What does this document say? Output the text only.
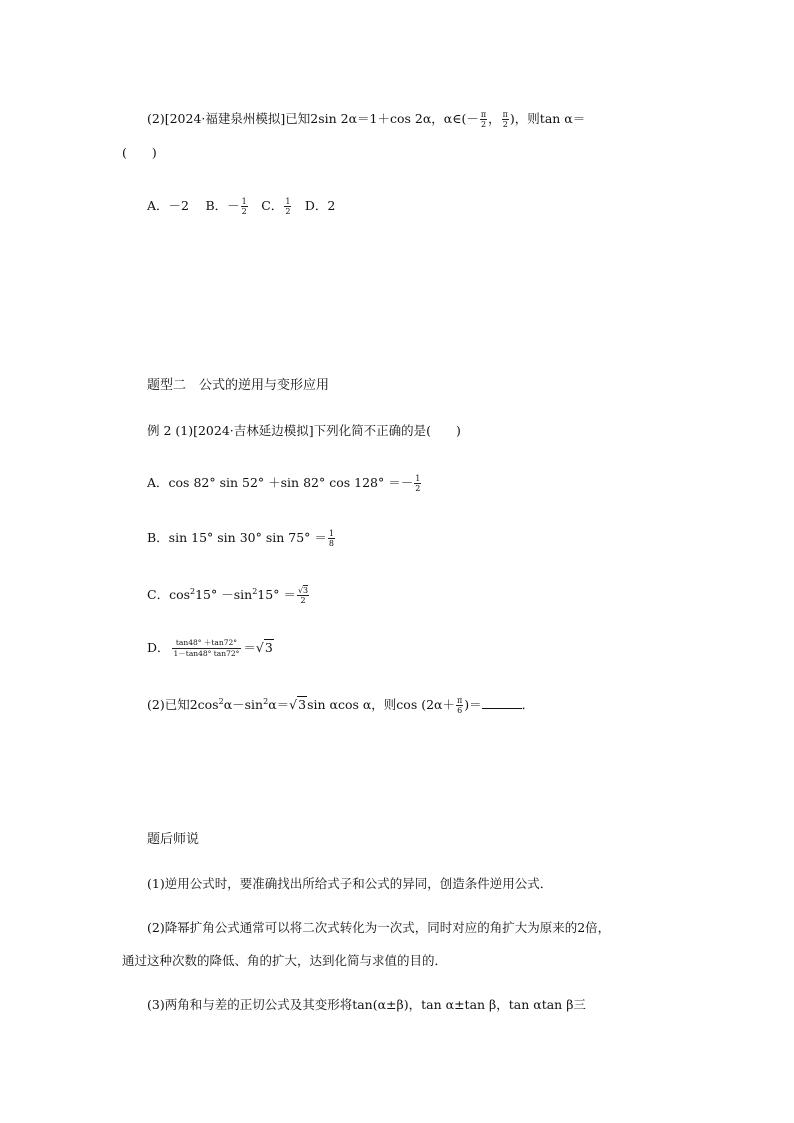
(2)[2024·福建泉州模拟]已知2sin 2α＝1＋cos 2α，α∈(－ $\frac{\pi}{2}$ ， $\frac{\pi}{2}$ )，则tan α＝
(　　)
A．－2　 B．－ $\frac{1}{2}$ 　C． $\frac{1}{2}$ 　D．2
题型二　公式的逆用与变形应用
例 2 (1)[2024·吉林延边模拟]下列化简不正确的是(　　)
A．cos 82° sin 52° ＋sin 82° $\cos 128^\circ =- \frac{1}{2}$
B．sin 15° sin 30° $\sin 75^\circ = \frac{1}{8}$
C．$\cos^215^\circ -\sin^215^\circ = \frac{√3}{2}$
D． $\frac{\tan 48^\circ +\tan 72^\circ}{1-\tan 48^\circ \tan 72^\circ} =√3$
(2)已知$2\cos^2\alpha-\sin^2\alpha=√3\sin$ αcos α，则$\cos (2\alpha+ \frac{\pi}{6}$ )＝	．
题后师说
(1)逆用公式时，要准确找出所给式子和公式的异同，创造条件逆用公式．
(2)降幂扩角公式通常可以将二次式转化为一次式，同时对应的角扩大为原来的2倍，
通过这种次数的降低、角的扩大，达到化简与求值的目的．
(3)两角和与差的正切公式及其变形将tan(α±β)，tan α±tan β，tan αtan β三
